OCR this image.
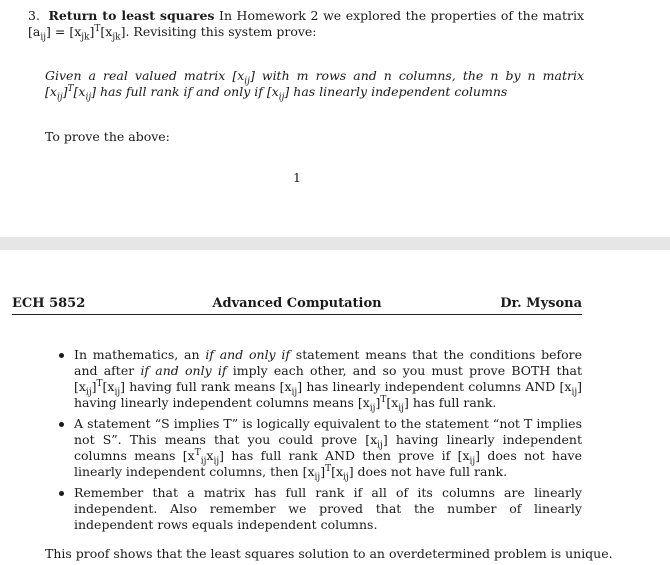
3. Return to least squares In Homework 2 we explored the properties of the matrix $[a_{ij}] = [x_{jk}]^T[x_{jk}]$. Revisiting this system prove:
Given a real valued matrix $[x_{ij}]$ with m rows and n columns, the n by n matrix $[x_{ij}]^T[x_{ij}]$ has full rank if and only if $[x_{ij}]$ has linearly independent columns
To prove the above:
1
ECH 5852	Advanced Computation	Dr. Mysona
In mathematics, an if and only if statement means that the conditions before and after if and only if imply each other, and so you must prove BOTH that $[x_{ij}]^T[x_{ij}]$ having full rank means $[x_{ij}]$ has linearly independent columns AND $[x_{ij}]$ having linearly independent columns means $[x_{ij}]^T[x_{ij}]$ has full rank.
A statement “S implies T” is logically equivalent to the statement “not T implies not S”. This means that you could prove $[x_{ij}]$ having linearly independent columns means $[x^T_{ij}x_{ij}]$ has full rank AND then prove if $[x_{ij}]$ does not have linearly independent columns, then $[x_{ij}]^T[x_{ij}]$ does not have full rank.
Remember that a matrix has full rank if all of its columns are linearly independent. Also remember we proved that the number of linearly independent rows equals independent columns.
This proof shows that the least squares solution to an overdetermined problem is unique.
